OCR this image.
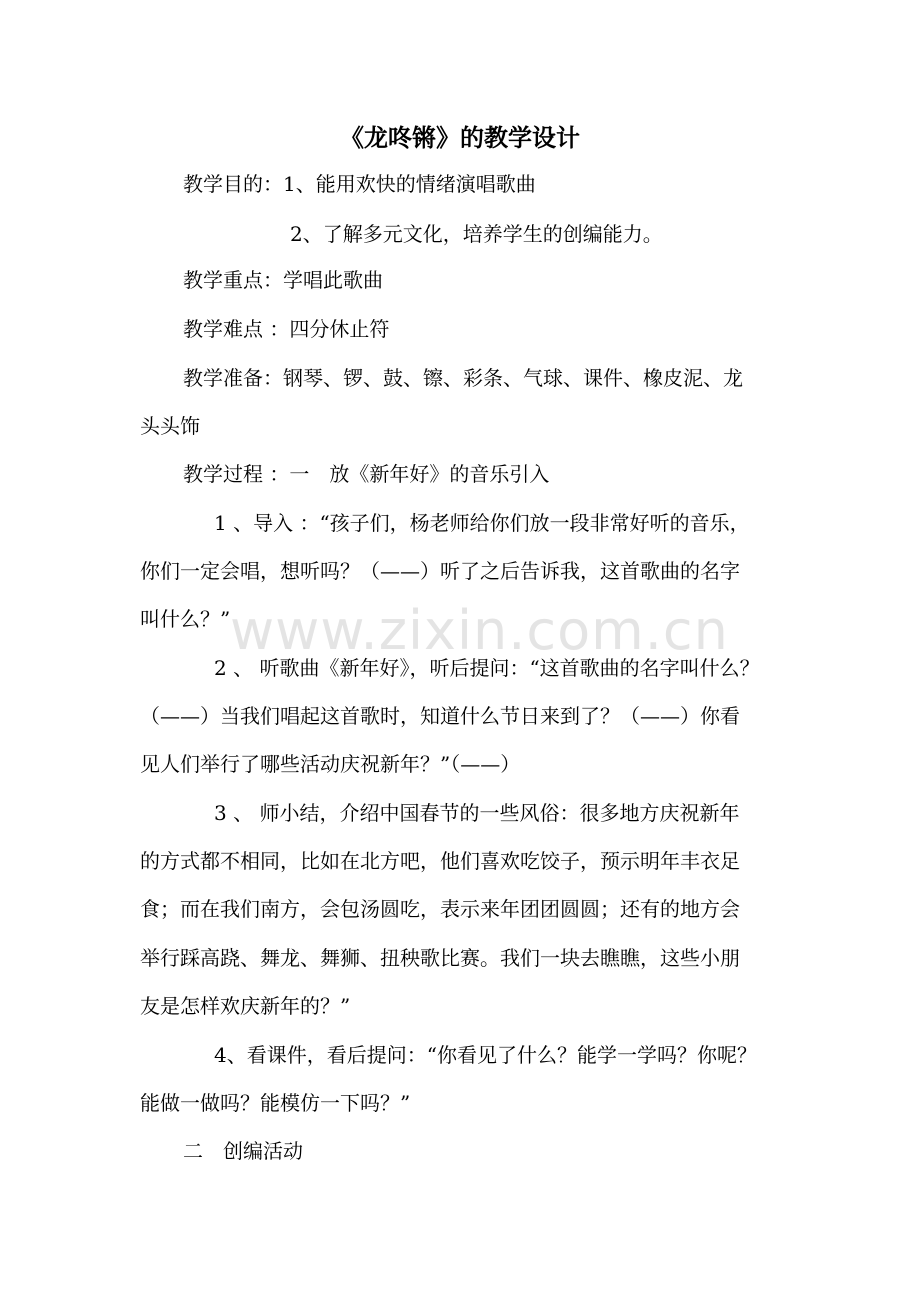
《龙咚锵》的教学设计
教学目的：1、能用欢快的情绪演唱歌曲
2、了解多元文化，培养学生的创编能力。
教学重点：学唱此歌曲
教学难点 ：四分休止符
教学准备：钢琴、锣、鼓、镲、彩条、气球、课件、橡皮泥、龙
头头饰
教学过程 ：一　放《新年好》的音乐引入
1 、导入 ：“孩子们，杨老师给你们放一段非常好听的音乐，
你们一定会唱，想听吗？（——）听了之后告诉我，这首歌曲的名字
叫什么？”
2 、 听歌曲《新年好》，听后提问：“这首歌曲的名字叫什么？
（——）当我们唱起这首歌时，知道什么节日来到了？（——）你看
见人们举行了哪些活动庆祝新年？”（——）
3 、 师小结，介绍中国春节的一些风俗：很多地方庆祝新年
的方式都不相同，比如在北方吧，他们喜欢吃饺子，预示明年丰衣足
食；而在我们南方，会包汤圆吃，表示来年团团圆圆；还有的地方会
举行踩高跷、舞龙、舞狮、扭秧歌比赛。我们一块去瞧瞧，这些小朋
友是怎样欢庆新年的？”
4、看课件，看后提问：“你看见了什么？能学一学吗？你呢？
能做一做吗？能模仿一下吗？”
二　创编活动
www.zixin.com.cn
